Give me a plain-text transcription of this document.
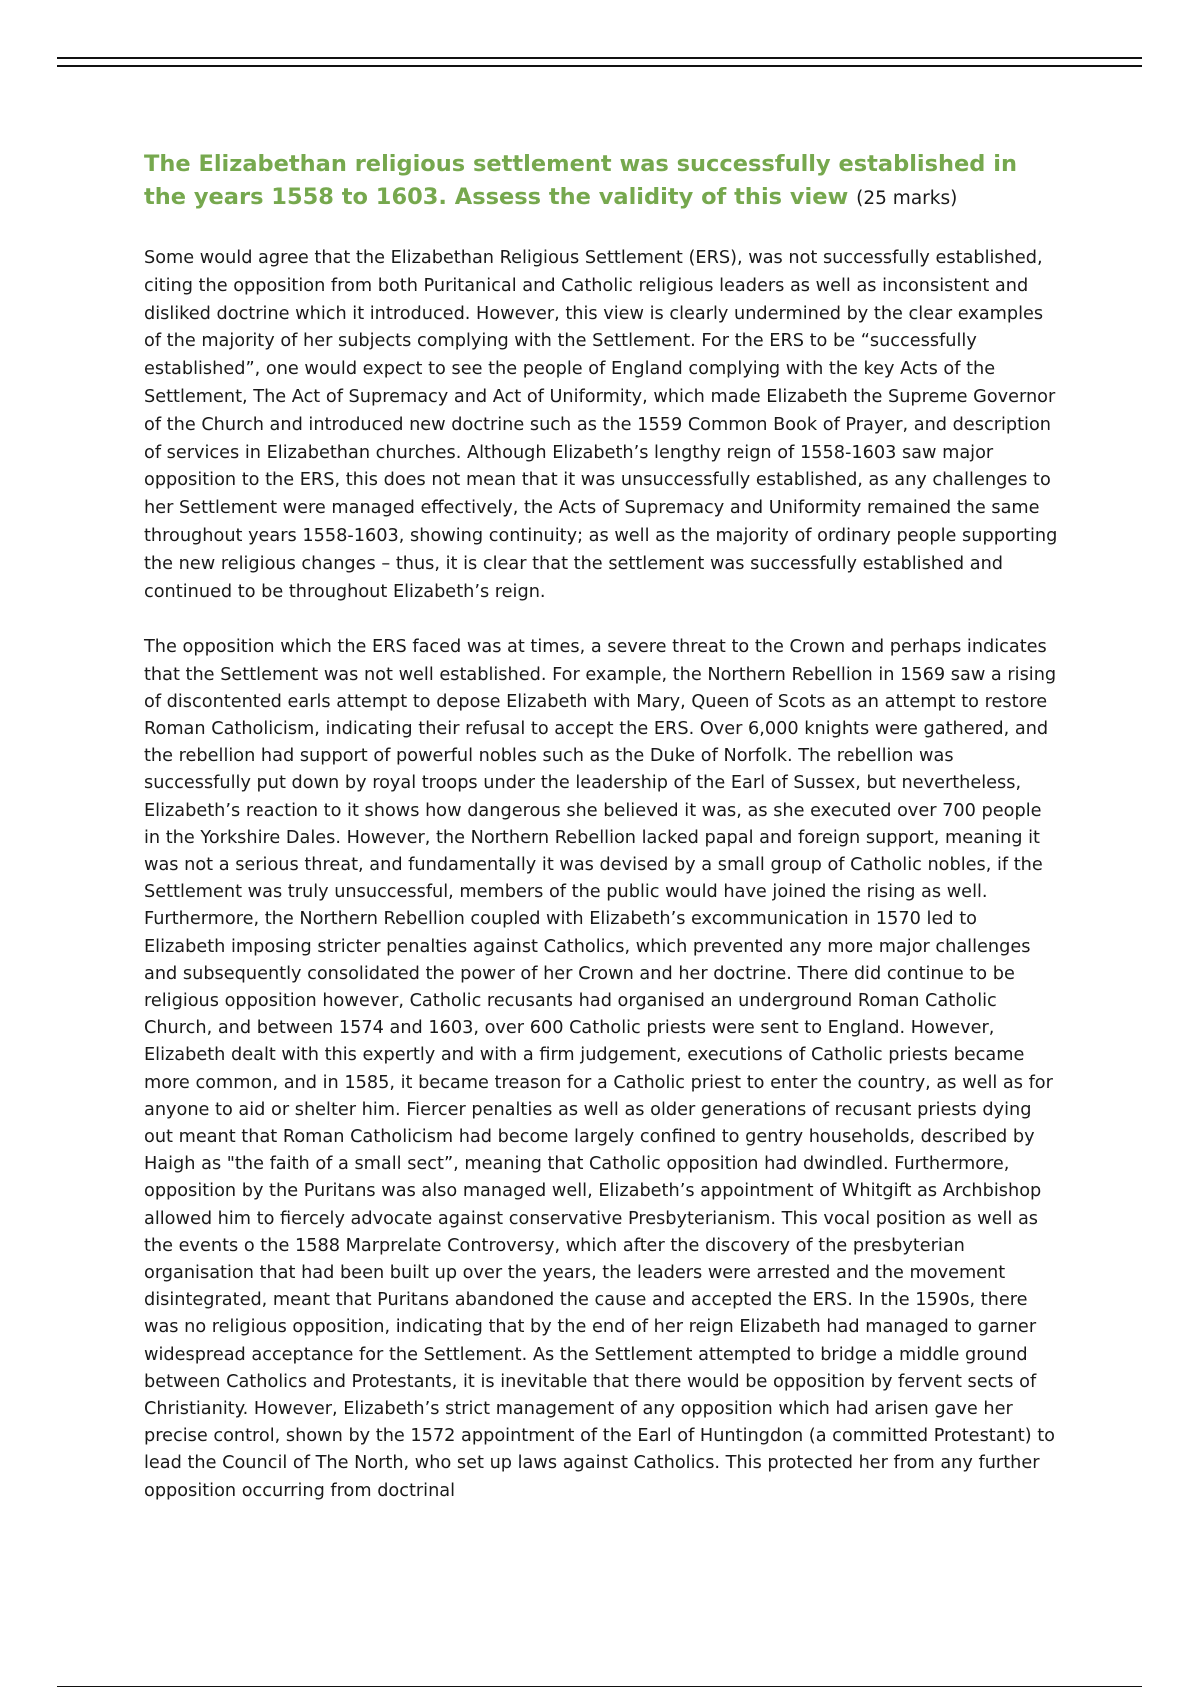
The Elizabethan religious settlement was successfully established in the years 1558 to 1603. Assess the validity of this view (25 marks)

Some would agree that the Elizabethan Religious Settlement (ERS), was not successfully established, citing the opposition from both Puritanical and Catholic religious leaders as well as inconsistent and disliked doctrine which it introduced. However, this view is clearly undermined by the clear examples of the majority of her subjects complying with the Settlement. For the ERS to be “successfully established”, one would expect to see the people of England complying with the key Acts of the Settlement, The Act of Supremacy and Act of Uniformity, which made Elizabeth the Supreme Governor of the Church and introduced new doctrine such as the 1559 Common Book of Prayer, and description of services in Elizabethan churches. Although Elizabeth’s lengthy reign of 1558-1603 saw major opposition to the ERS, this does not mean that it was unsuccessfully established, as any challenges to her Settlement were managed effectively, the Acts of Supremacy and Uniformity remained the same throughout years 1558-1603, showing continuity; as well as the majority of ordinary people supporting the new religious changes – thus, it is clear that the settlement was successfully established and continued to be throughout Elizabeth’s reign.

The opposition which the ERS faced was at times, a severe threat to the Crown and perhaps indicates that the Settlement was not well established. For example, the Northern Rebellion in 1569 saw a rising of discontented earls attempt to depose Elizabeth with Mary, Queen of Scots as an attempt to restore Roman Catholicism, indicating their refusal to accept the ERS. Over 6,000 knights were gathered, and the rebellion had support of powerful nobles such as the Duke of Norfolk. The rebellion was successfully put down by royal troops under the leadership of the Earl of Sussex, but nevertheless, Elizabeth’s reaction to it shows how dangerous she believed it was, as she executed over 700 people in the Yorkshire Dales. However, the Northern Rebellion lacked papal and foreign support, meaning it was not a serious threat, and fundamentally it was devised by a small group of Catholic nobles, if the Settlement was truly unsuccessful, members of the public would have joined the rising as well. Furthermore, the Northern Rebellion coupled with Elizabeth’s excommunication in 1570 led to Elizabeth imposing stricter penalties against Catholics, which prevented any more major challenges and subsequently consolidated the power of her Crown and her doctrine. There did continue to be religious opposition however, Catholic recusants had organised an underground Roman Catholic Church, and between 1574 and 1603, over 600 Catholic priests were sent to England. However, Elizabeth dealt with this expertly and with a firm judgement, executions of Catholic priests became more common, and in 1585, it became treason for a Catholic priest to enter the country, as well as for anyone to aid or shelter him. Fiercer penalties as well as older generations of recusant priests dying out meant that Roman Catholicism had become largely confined to gentry households, described by Haigh as "the faith of a small sect”, meaning that Catholic opposition had dwindled. Furthermore, opposition by the Puritans was also managed well, Elizabeth’s appointment of Whitgift as Archbishop allowed him to fiercely advocate against conservative Presbyterianism. This vocal position as well as the events o the 1588 Marprelate Controversy, which after the discovery of the presbyterian organisation that had been built up over the years, the leaders were arrested and the movement disintegrated, meant that Puritans abandoned the cause and accepted the ERS. In the 1590s, there was no religious opposition, indicating that by the end of her reign Elizabeth had managed to garner widespread acceptance for the Settlement. As the Settlement attempted to bridge a middle ground between Catholics and Protestants, it is inevitable that there would be opposition by fervent sects of Christianity. However, Elizabeth’s strict management of any opposition which had arisen gave her precise control, shown by the 1572 appointment of the Earl of Huntingdon (a committed Protestant) to lead the Council of The North, who set up laws against Catholics. This protected her from any further opposition occurring from doctrinal
